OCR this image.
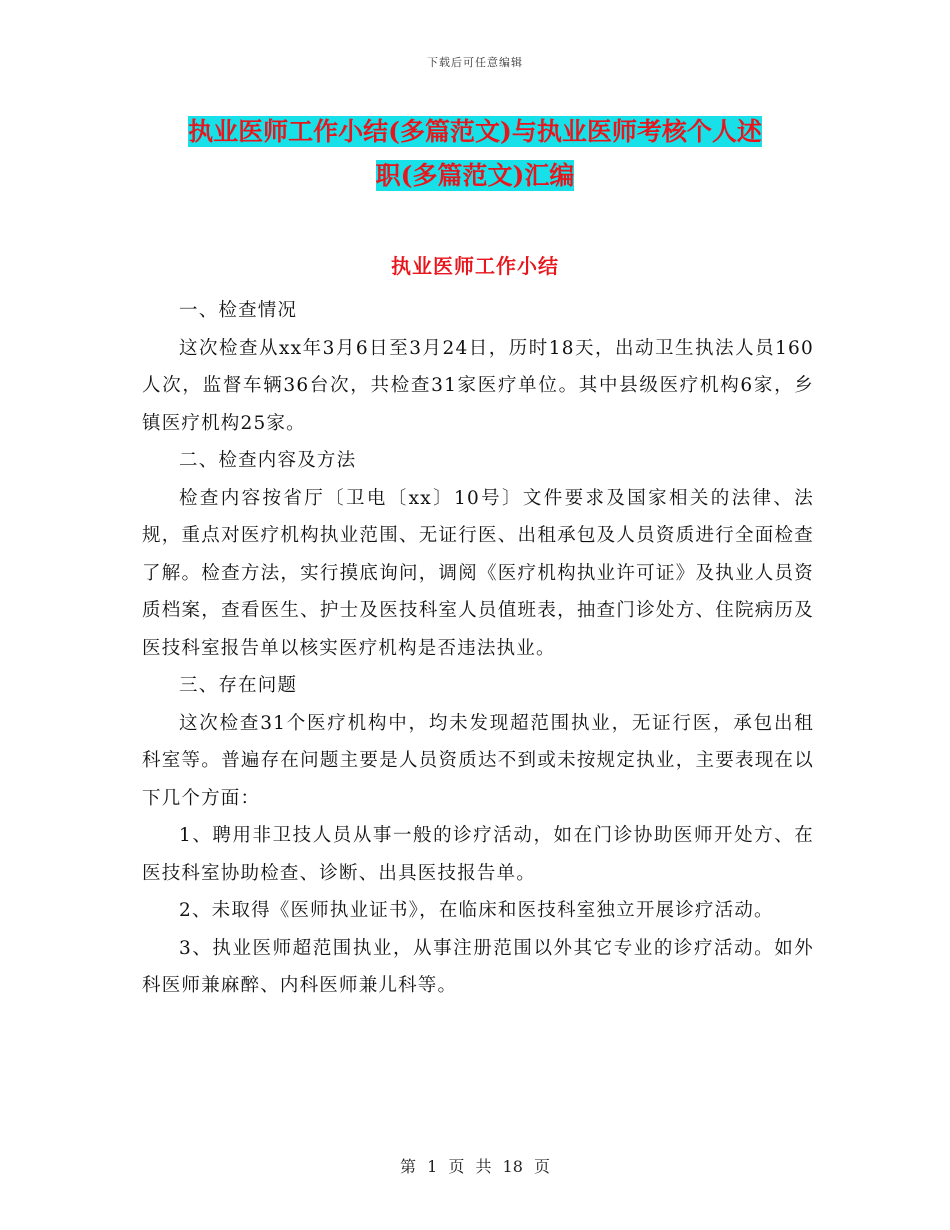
下载后可任意编辑
执业医师工作小结(多篇范文)与执业医师考核个人述
职(多篇范文)汇编
执业医师工作小结

一、检查情况

这次检查从xx年3月6日至3月24日，历时18天，出动卫生执法人员160人次，监督车辆36台次，共检查31家医疗单位。其中县级医疗机构6家，乡镇医疗机构25家。

二、检查内容及方法

检查内容按省厅〔卫电〔xx〕10号〕文件要求及国家相关的法律、法规，重点对医疗机构执业范围、无证行医、出租承包及人员资质进行全面检查了解。检查方法，实行摸底询问，调阅《医疗机构执业许可证》及执业人员资质档案，查看医生、护士及医技科室人员值班表，抽查门诊处方、住院病历及医技科室报告单以核实医疗机构是否违法执业。

三、存在问题

这次检查31个医疗机构中，均未发现超范围执业，无证行医，承包出租科室等。普遍存在问题主要是人员资质达不到或未按规定执业，主要表现在以下几个方面：

1、聘用非卫技人员从事一般的诊疗活动，如在门诊协助医师开处方、在医技科室协助检查、诊断、出具医技报告单。

2、未取得《医师执业证书》，在临床和医技科室独立开展诊疗活动。

3、执业医师超范围执业，从事注册范围以外其它专业的诊疗活动。如外科医师兼麻醉、内科医师兼儿科等。

第 1 页 共 18 页
